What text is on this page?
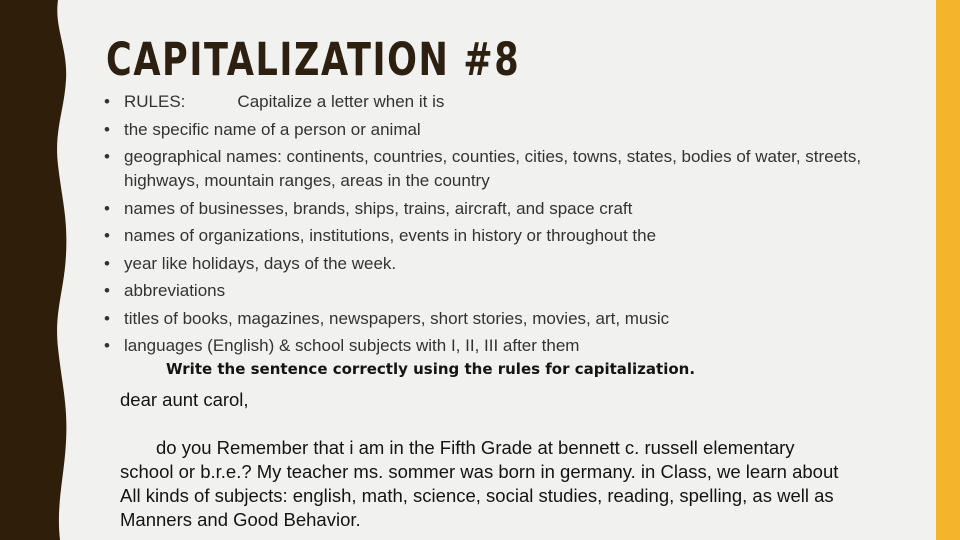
CAPITALIZATION #8
• RULES:	Capitalize a letter when it is
• the specific name of a person or animal
• geographical names: continents, countries, counties, cities, towns, states, bodies of water, streets, highways, mountain ranges, areas in the country
• names of businesses, brands, ships, trains, aircraft, and space craft
• names of organizations, institutions, events in history or throughout the
• year like holidays, days of the week.
• abbreviations
• titles of books, magazines, newspapers, short stories, movies, art, music
• languages (English) & school subjects with I, II, III after them
Write the sentence correctly using the rules for capitalization.

dear aunt carol,

do you Remember that i am in the Fifth Grade at bennett c. russell elementary school or b.r.e.? My teacher ms. sommer was born in germany. in Class, we learn about All kinds of subjects: english, math, science, social studies, reading, spelling, as well as Manners and Good Behavior.
